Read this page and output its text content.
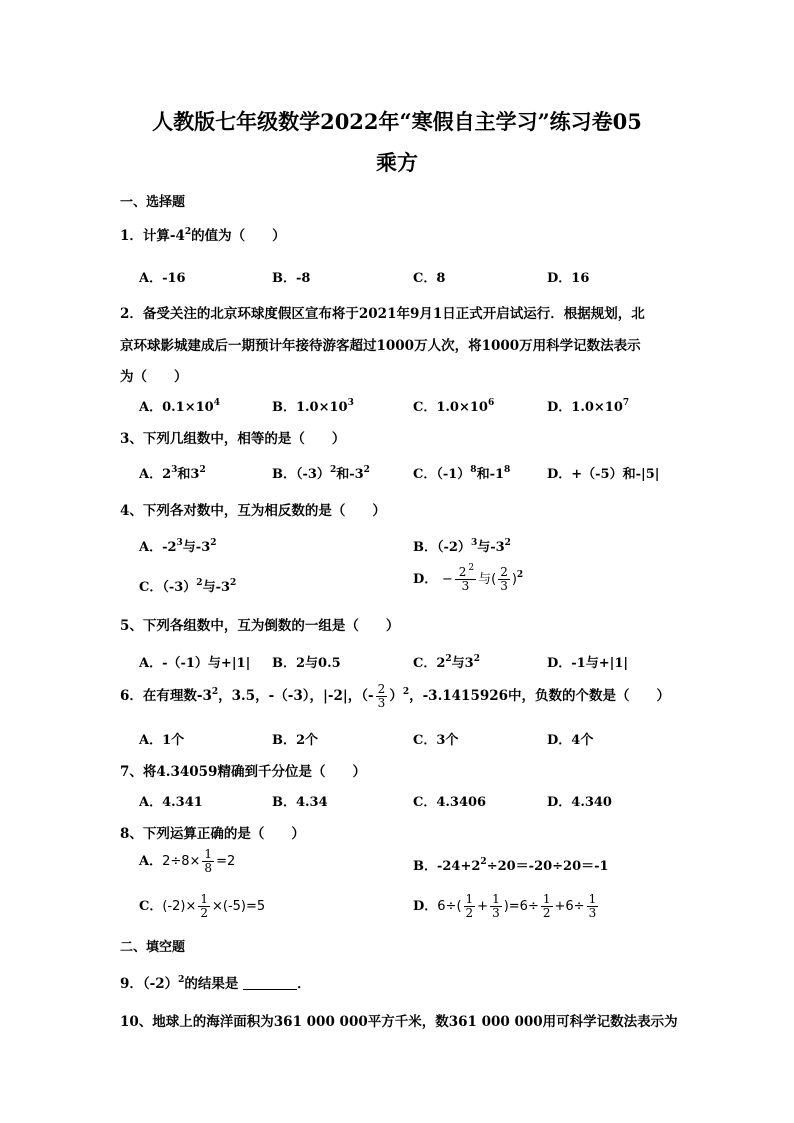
人教版七年级数学2022年“寒假自主学习”练习卷05
乘方
一、选择题
1．计算$-4^2$的值为（　　）
A．-16	B．-8	C．8	D．16
2．备受关注的北京环球度假区宣布将于2021年9月1日正式开启试运行．根据规划，北
京环球影城建成后一期预计年接待游客超过1000万人次，将1000万用科学记数法表示
为（　　）
A．$0.1\times 10^4$	B．$1.0\times 10^3$	C．$1.0\times 10^6$	D．$1.0\times 10^7$
3、下列几组数中，相等的是（　　）
A．$2^3$和$3^2$	B．$(-3)^2$和$-3^2$	C．$(-1)^8$和$-1^8$	D．+（-5）和-|5|
4、下列各对数中，互为相反数的是（　　）
A．$-2^3$与$-3^2$	B．$(-2)^3$与$-3^2$
C．$(-3)^2$与$-3^2$	D． − $\frac{2 ^2}{3}$ 与( $\frac{2}{3} )^2$
5、下列各组数中，互为倒数的一组是（　　）
A．-（-1）与+|1| B．2与0.5	C．$2^2$与$3^2$	D．-1与+|1|
6．在有理数$-3^2$，3.5，-（-3），|-2|，（- $\frac{2}{3} )^2$，-3.1415926中，负数的个数是（　　）
A．1个	B．2个	C．3个	D．4个
7、将4.34059精确到千分位是（　　）
A．4.341	B．4.34	C．4.3406	D．4.340
8、下列运算正确的是（　　）
A．$2\div 8\times \frac{1}{8} =2$	B．$-24+2^2\div 20=-20\div 20=-1$
C．$(-2)\times \frac{1}{2} \times(-5)=5$	D．$6\div( \frac{1}{2} + \frac{1}{3} )=6\div \frac{1}{2} +6\div \frac{1}{3}$
二、填空题
9．$(-2)^2$的结果是	．
10、地球上的海洋面积为361 000 000平方千米，数361 000 000用可科学记数法表示为
